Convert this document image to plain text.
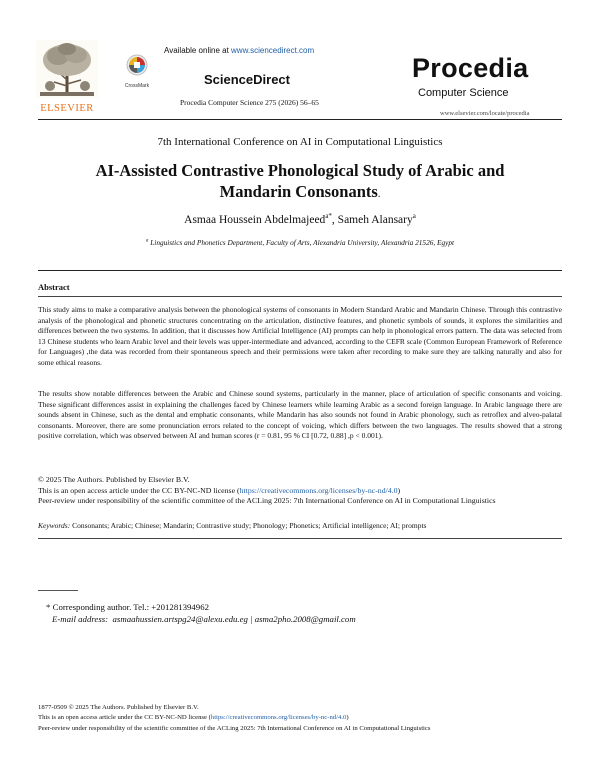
ELSEVIER
Available online at www.sciencedirect.com
CrossMark	ScienceDirect
Procedia Computer Science 275 (2026) 56–65
Procedia
Computer Science
www.elsevier.com/locate/procedia
7th International Conference on AI in Computational Linguistics
AI-Assisted Contrastive Phonological Study of Arabic and
Mandarin Consonants.
Asmaa Houssein Abdelmajeed$^{a*}$, Sameh Alansary$^a$
$^a$ Linguistics and Phonetics Department, Faculty of Arts, Alexandria University, Alexandria 21526, Egypt
Abstract
This study aims to make a comparative analysis between the phonological systems of consonants in Modern Standard Arabic and Mandarin Chinese. Through this contrastive analysis of the phonological and phonetic structures concentrating on the articulation, distinctive features, and phonetic symbols of sounds, it explores the similarities and differences between the two systems. In addition, that it discusses how Artificial Intelligence (AI) prompts can help in phonological errors pattern. The data was selected from 13 Chinese students who learn Arabic level and their levels was upper-intermediate and advanced, according to the CEFR scale (Common European Framework of Reference for Languages) ,the data was recorded from their spontaneous speech and their permissions were taken after recording to make sure they are talking naturally and also for some ethical reasons.
The results show notable differences between the Arabic and Chinese sound systems, particularly in the manner, place of articulation of specific consonants and voicing. These significant differences assist in explaining the challenges faced by Chinese learners while learning Arabic as a second foreign language. In Arabic language there are sounds absent in Chinese, such as the dental and emphatic consonants, while Mandarin has also sounds not found in Arabic phonology, such as retroflex and alveo-palatal consonants. Moreover, there are some pronunciation errors related to the concept of voicing, which differs between the two languages. The results showed that a strong positive correlation, which was observed between AI and human scores (r = 0.81, 95 % CI [0.72, 0.88] ,p < 0.001).
© 2025 The Authors. Published by Elsevier B.V.
This is an open access article under the CC BY-NC-ND license (https://creativecommons.org/licenses/by-nc-nd/4.0)
Peer-review under responsibility of the scientific committee of the ACLing 2025: 7th International Conference on AI in Computational Linguistics
Keywords: Consonants; Arabic; Chinese; Mandarin; Contrastive study; Phonology; Phonetics; Artificial intelligence; AI; prompts
* Corresponding author. Tel.: +201281394962
E-mail address: asmaahussien.artspg24@alexu.edu.eg | asma2pho.2008@gmail.com
1877-0509 © 2025 The Authors. Published by Elsevier B.V.
This is an open access article under the CC BY-NC-ND license (https://creativecommons.org/licenses/by-nc-nd/4.0)
Peer-review under responsibility of the scientific committee of the ACLing 2025: 7th International Conference on AI in Computational Linguistics
